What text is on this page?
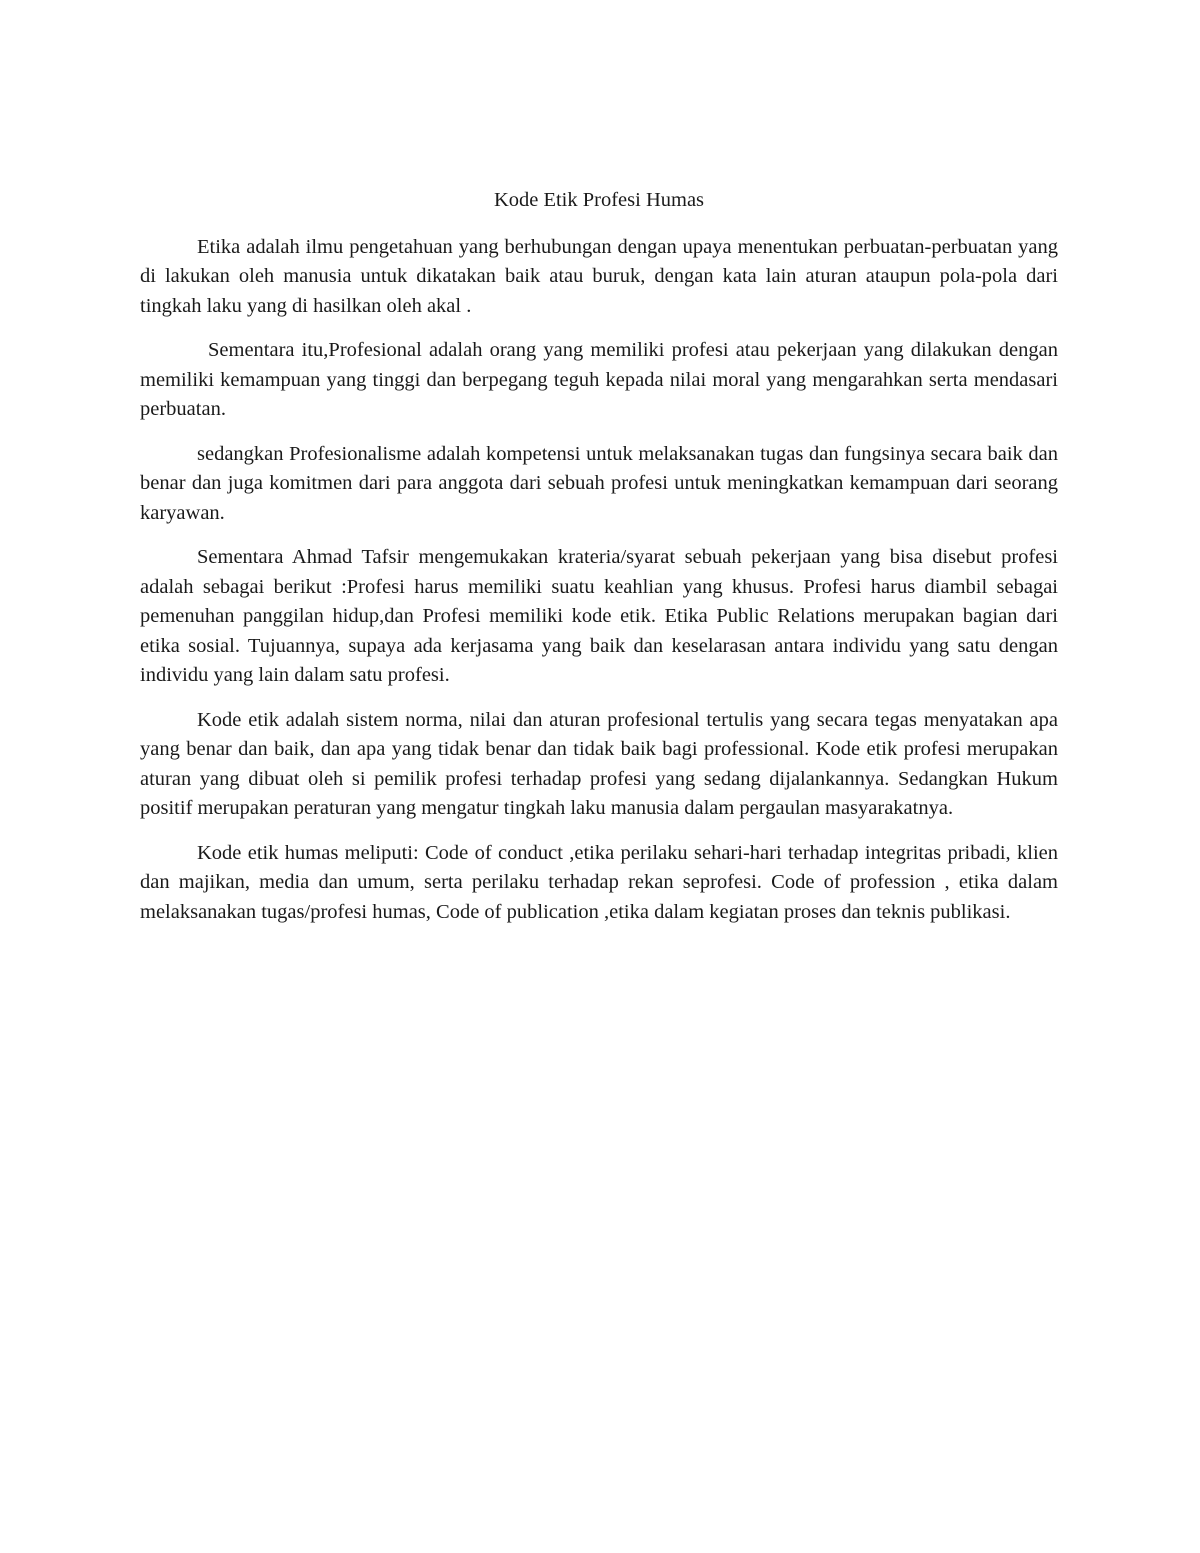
Kode Etik Profesi Humas

Etika adalah ilmu pengetahuan yang berhubungan dengan upaya menentukan perbuatan-perbuatan yang di lakukan oleh manusia untuk dikatakan baik atau buruk, dengan kata lain aturan ataupun pola-pola dari tingkah laku yang di hasilkan oleh akal .

Sementara itu,Profesional adalah orang yang memiliki profesi atau pekerjaan yang dilakukan dengan memiliki kemampuan yang tinggi dan berpegang teguh kepada nilai moral yang mengarahkan serta mendasari perbuatan.

sedangkan Profesionalisme adalah kompetensi untuk melaksanakan tugas dan fungsinya secara baik dan benar dan juga komitmen dari para anggota dari sebuah profesi untuk meningkatkan kemampuan dari seorang karyawan.

Sementara Ahmad Tafsir mengemukakan krateria/syarat sebuah pekerjaan yang bisa disebut profesi adalah sebagai berikut :Profesi harus memiliki suatu keahlian yang khusus. Profesi harus diambil sebagai pemenuhan panggilan hidup,dan Profesi memiliki kode etik. Etika Public Relations merupakan bagian dari etika sosial. Tujuannya, supaya ada kerjasama yang baik dan keselarasan antara individu yang satu dengan individu yang lain dalam satu profesi.

Kode etik adalah sistem norma, nilai dan aturan profesional tertulis yang secara tegas menyatakan apa yang benar dan baik, dan apa yang tidak benar dan tidak baik bagi professional. Kode etik profesi merupakan aturan yang dibuat oleh si pemilik profesi terhadap profesi yang sedang dijalankannya. Sedangkan Hukum positif merupakan peraturan yang mengatur tingkah laku manusia dalam pergaulan masyarakatnya.

Kode etik humas meliputi: Code of conduct ,etika perilaku sehari-hari terhadap integritas pribadi, klien dan majikan, media dan umum, serta perilaku terhadap rekan seprofesi. Code of profession , etika dalam melaksanakan tugas/profesi humas, Code of publication ,etika dalam kegiatan proses dan teknis publikasi.
